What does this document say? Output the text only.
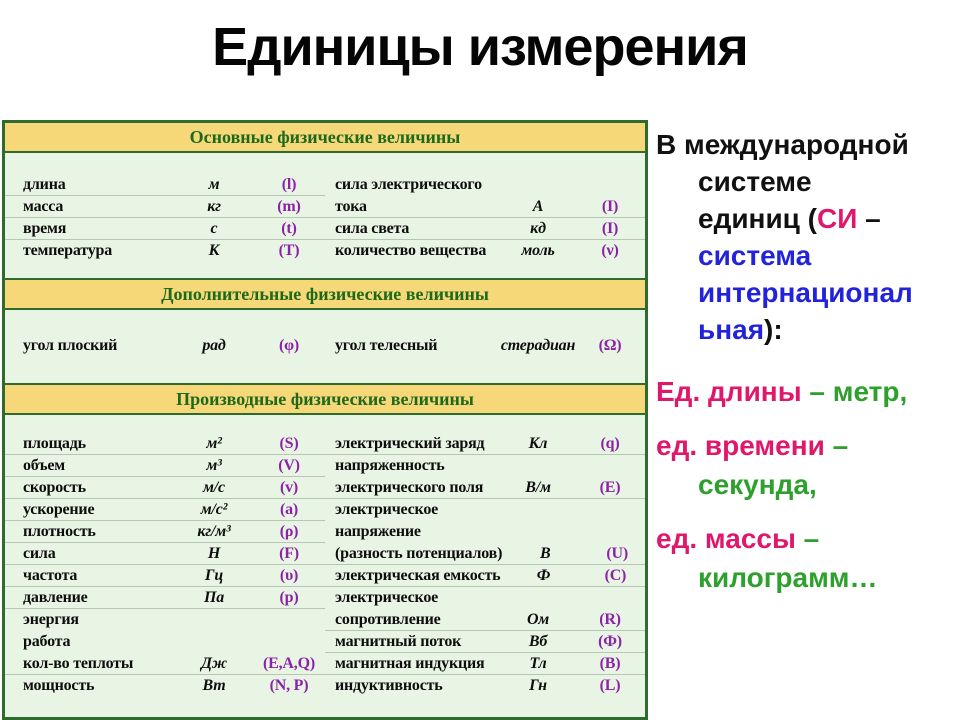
Единицы измерения
Основные физические величины
длина	м	(l)
масса	кг	(m)
время	с	(t)
температура	К	(T)
сила электрического
тока	А	(I)
сила света	кд	(I)
количество вещества	моль	(ν)
Дополнительные физические величины
угол плоский	рад	(φ)	угол телесный	стерадиан	(Ω)
Производные физические величины
площадь	м²	(S)
объем	м³	(V)
скорость	м/с	(v)
ускорение	м/с²	(a)
плотность	кг/м³	(ρ)
сила	Н	(F)
частота	Гц	(υ)
давление	Па	(p)
энергия
работа
кол-во теплоты	Дж	(E,A,Q)
мощность	Вт	(N, P)
электрический заряд	Кл	(q)
напряженность
электрического поля	В/м	(E)
электрическое
напряжение
(разность потенциалов)	В	(U)
электрическая емкость	Ф	(C)
электрическое
сопротивление	Ом	(R)
магнитный поток	Вб	(Ф)
магнитная индукция	Тл	(B)
индуктивность	Гн	(L)
В международной
системе
единиц (СИ –
система
интернационал
ьная):
Ед. длины – метр,
ед. времени –
секунда,
ед. массы –
килограмм…
